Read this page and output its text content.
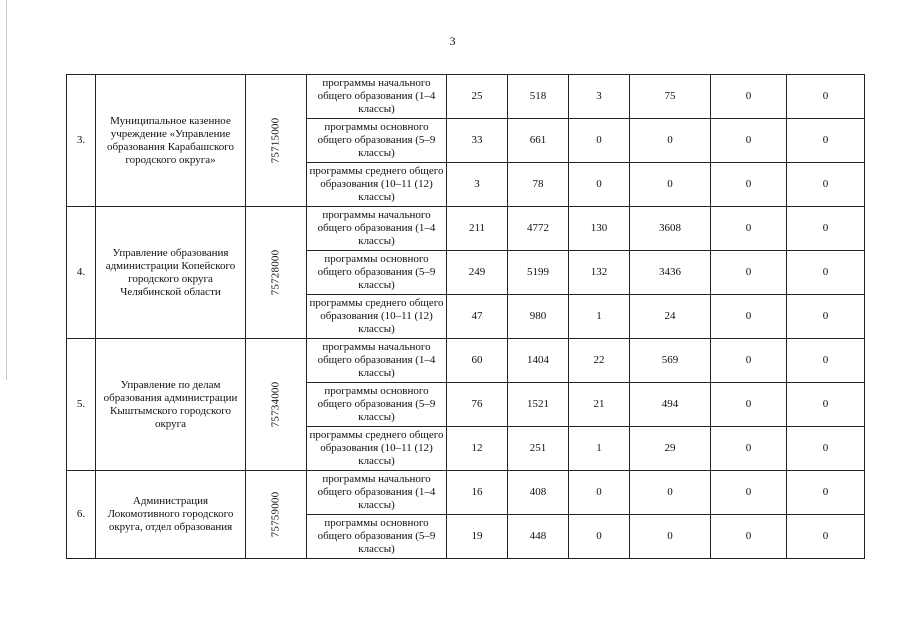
3
3.	Муниципальное казенное учреждение «Управление образования Карабашского городского округа»	75715000	программы начального общего образования (1–4 классы)	25	518	3	75	0	0
			программы основного общего образования (5–9 классы)	33	661	0	0	0	0
			программы среднего общего образования (10–11 (12) классы)	3	78	0	0	0	0
4.	Управление образования администрации Копейского городского округа Челябинской области	75728000	программы начального общего образования (1–4 классы)	211	4772	130	3608	0	0
			программы основного общего образования (5–9 классы)	249	5199	132	3436	0	0
			программы среднего общего образования (10–11 (12) классы)	47	980	1	24	0	0
5.	Управление по делам образования администрации Кыштымского городского округа	75734000	программы начального общего образования (1–4 классы)	60	1404	22	569	0	0
			программы основного общего образования (5–9 классы)	76	1521	21	494	0	0
			программы среднего общего образования (10–11 (12) классы)	12	251	1	29	0	0
6.	Администрация Локомотивного городского округа, отдел образования	75759000	программы начального общего образования (1–4 классы)	16	408	0	0	0	0
			программы основного общего образования (5–9 классы)	19	448	0	0	0	0
